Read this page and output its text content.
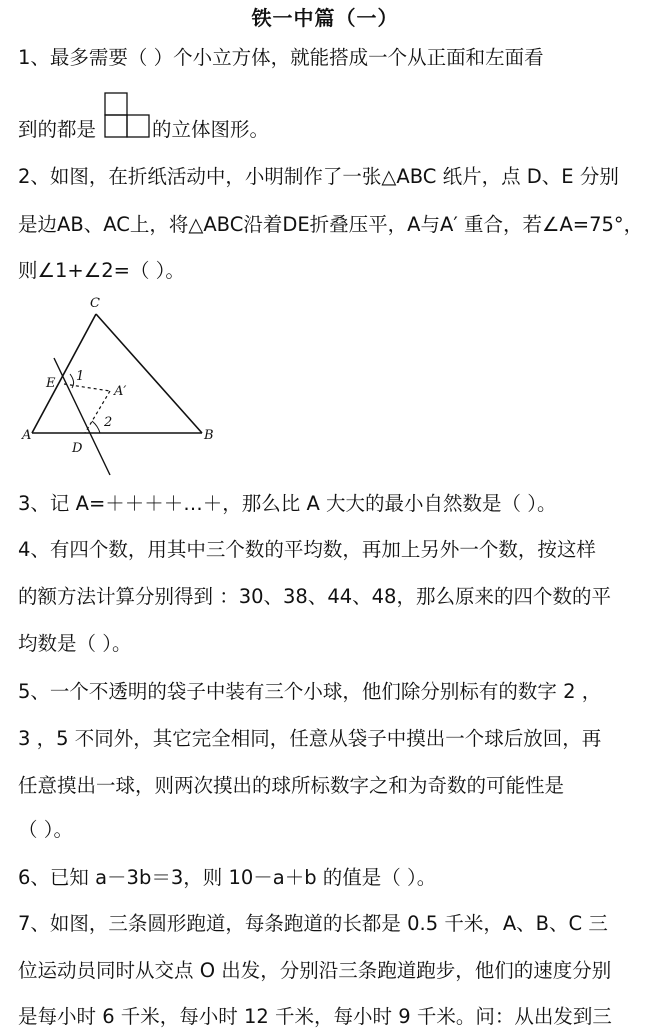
铁一中篇（一）
1、最多需要（ ）个小立方体，就能搭成一个从正面和左面看
到的都是	的立体图形。
2、如图，在折纸活动中，小明制作了一张△ABC 纸片，点 D、E 分别
是边AB、AC上，将△ABC沿着DE折叠压平，A与A′ 重合，若∠A=75°，
则∠1+∠2=（ ）。
C
E 1
A′
2
A
D
B
3、记 A=＋＋＋＋…＋，那么比 A 大大的最小自然数是（ ）。
4、有四个数，用其中三个数的平均数，再加上另外一个数，按这样
的额方法计算分别得到 ：30、38、44、48，那么原来的四个数的平
均数是（ ）。
5、一个不透明的袋子中装有三个小球，他们除分别标有的数字 2 ，
3 ，5 不同外，其它完全相同，任意从袋子中摸出一个球后放回，再
任意摸出一球，则两次摸出的球所标数字之和为奇数的可能性是
（ ）。
6、已知 a－3b＝3，则 10－a＋b 的值是（ ）。
7、如图，三条圆形跑道，每条跑道的长都是 0.5 千米，A、B、C 三
位运动员同时从交点 O 出发，分别沿三条跑道跑步，他们的速度分别
是每小时 6 千米，每小时 12 千米，每小时 9 千米。问：从出发到三
